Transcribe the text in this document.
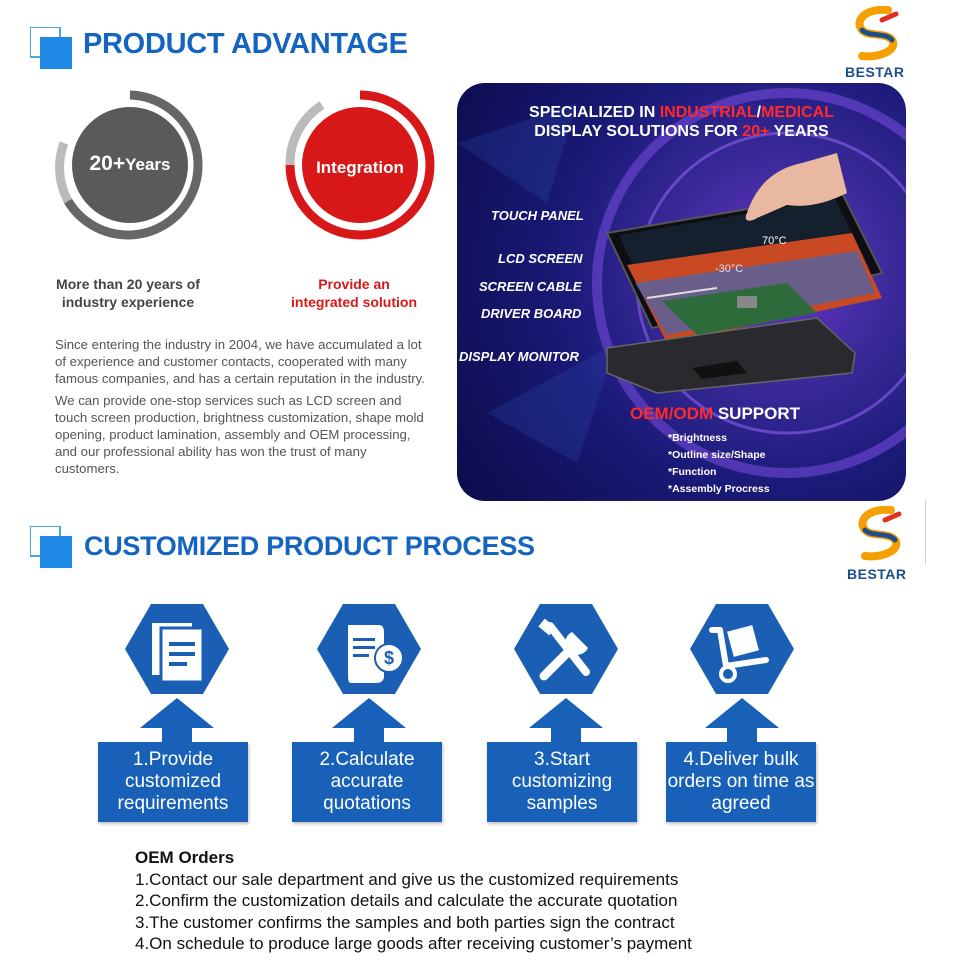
PRODUCT ADVANTAGE
BESTAR
20+Years
More than 20 years of
industry experience
Integration
Provide an
integrated solution

Since entering the industry in 2004, we have accumulated a lot of experience and customer contacts, cooperated with many famous companies, and has a certain reputation in the industry.

We can provide one-stop services such as LCD screen and touch screen production, brightness customization, shape mold opening, product lamination, assembly and OEM processing, and our professional ability has won the trust of many customers.

SPECIALIZED IN INDUSTRIAL/MEDICAL
DISPLAY SOLUTIONS FOR 20+ YEARS
70°C
-30°C
TOUCH PANEL
LCD SCREEN
SCREEN CABLE
DRIVER BOARD
DISPLAY MONITOR
OEM/ODM SUPPORT
*Brightness
*Outline size/Shape
*Function
*Assembly Procress
CUSTOMIZED PRODUCT PROCESS
BESTAR
1.Provide customized requirements
$
2.Calculate accurate quotations
3.Start customizing samples
4.Deliver bulk orders on time as agreed
OEM Orders
1.Contact our sale department and give us the customized requirements
2.Confirm the customization details and calculate the accurate quotation
3.The customer confirms the samples and both parties sign the contract
4.On schedule to produce large goods after receiving customer’s payment
